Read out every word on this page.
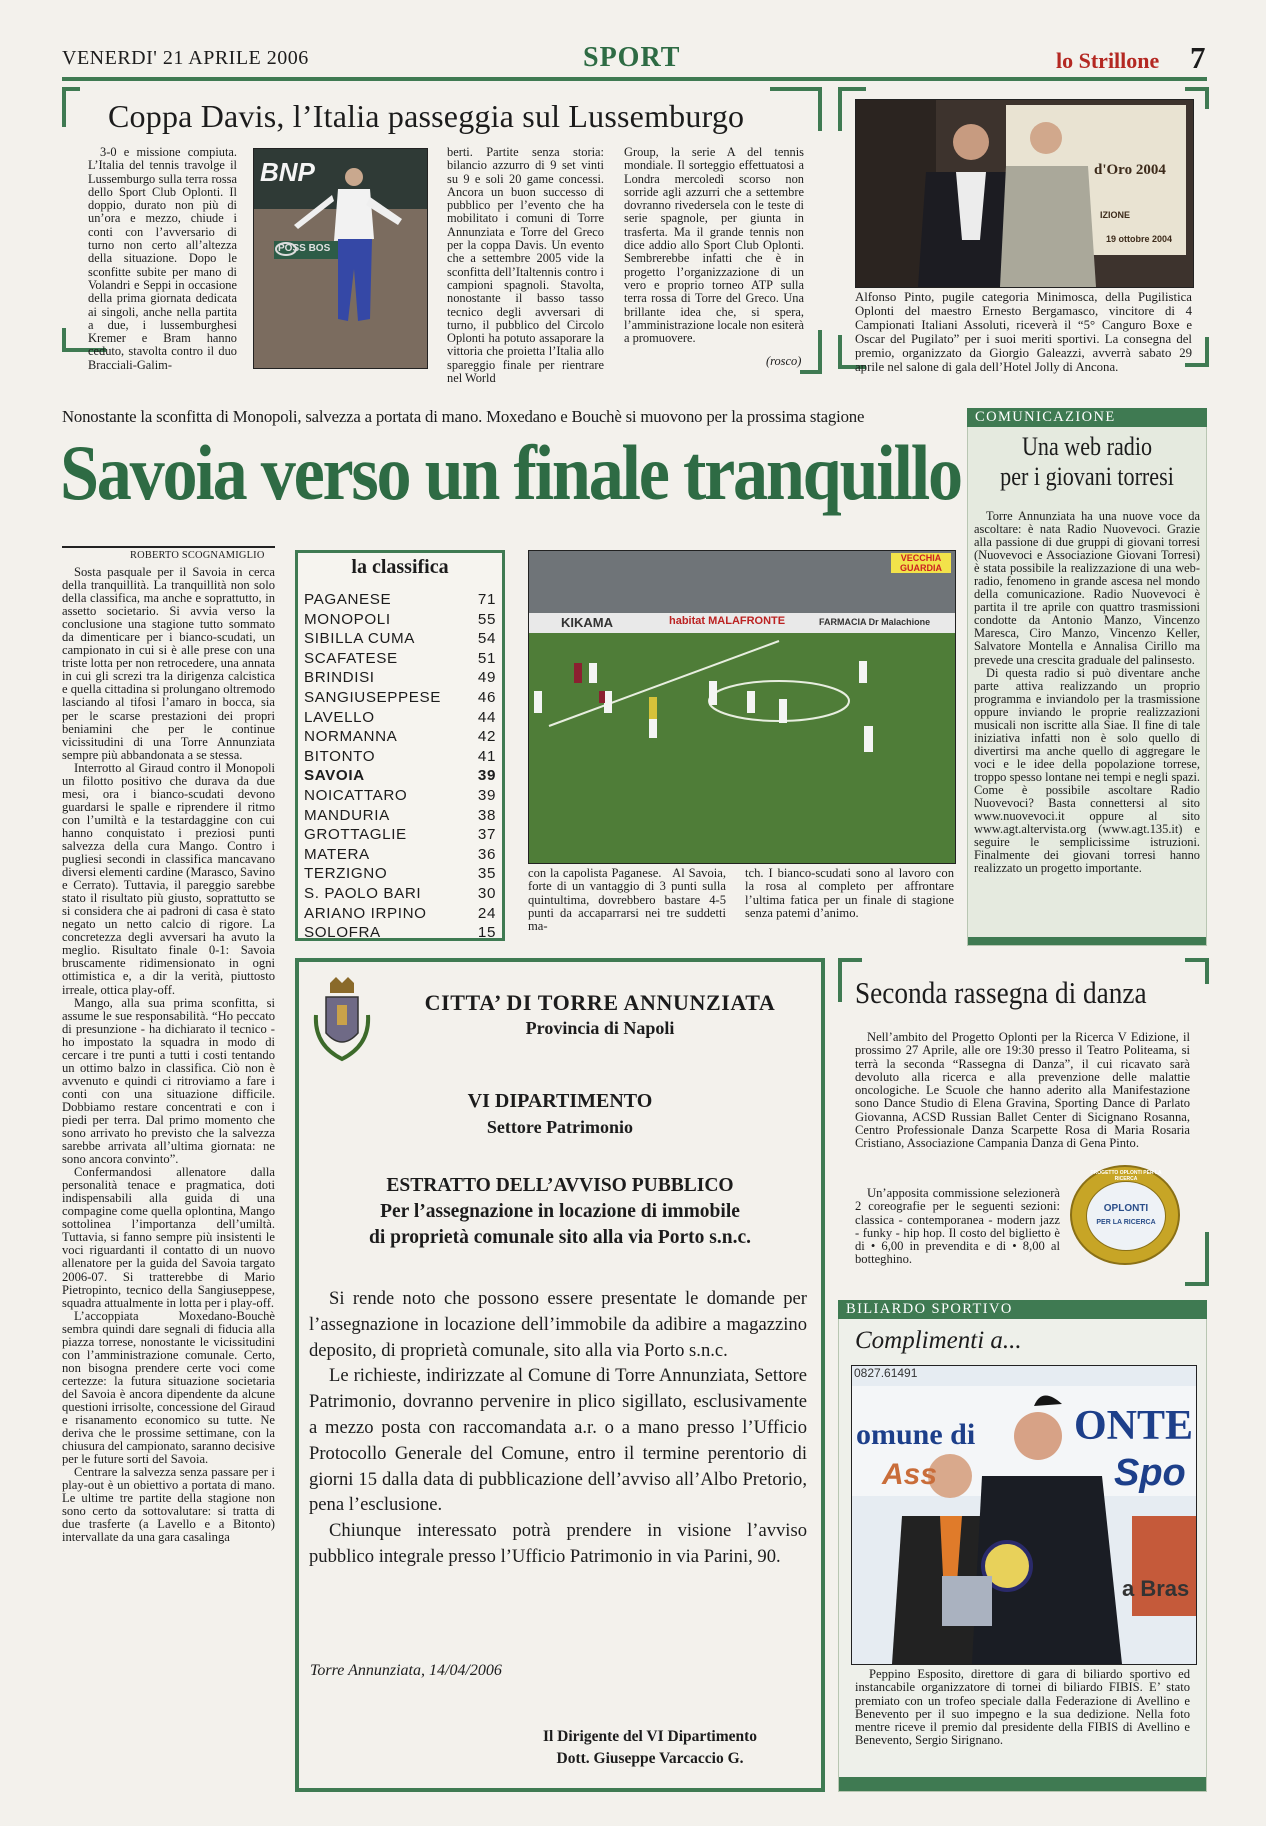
VENERDI' 21 APRILE 2006	SPORT	lo Strillone 7
Coppa Davis, l’Italia passeggia sul Lussemburgo

3-0 e missione compiuta. L’Italia del tennis travolge il Lussemburgo sulla terra rossa dello Sport Club Oplonti. Il doppio, durato non più di un’ora e mezzo, chiude i conti con l’avversario di turno non certo all’altezza della situazione. Dopo le sconfitte subite per mano di Volandri e Seppi in occasione della prima giornata dedicata ai singoli, anche nella partita a due, i lussemburghesi Kremer e Bram hanno ceduto, stavolta contro il duo Bracciali-Galim-

BNP
POSS BOS

berti. Partite senza storia: bilancio azzurro di 9 set vinti su 9 e soli 20 game concessi. Ancora un buon successo di pubblico per l’evento che ha mobilitato i comuni di Torre Annunziata e Torre del Greco per la coppa Davis. Un evento che a settembre 2005 vide la sconfitta dell’Italtennis contro i campioni spagnoli. Stavolta, nonostante il basso tasso tecnico degli avversari di turno, il pubblico del Circolo Oplonti ha potuto assaporare la vittoria che proietta l’Italia allo spareggio finale per rientrare nel World

Group, la serie A del tennis mondiale. Il sorteggio effettuatosi a Londra mercoledì scorso non sorride agli azzurri che a settembre dovranno rivedersela con le teste di serie spagnole, per giunta in trasferta. Ma il grande tennis non dice addio allo Sport Club Oplonti. Sembrerebbe infatti che è in progetto l’organizzazione di un vero e proprio torneo ATP sulla terra rossa di Torre del Greco. Una brillante idea che, si spera, l’amministrazione locale non esiterà a promuovere.

(rosco)
d'Oro 2004
IZIONE
19 ottobre 2004

Alfonso Pinto, pugile categoria Minimosca, della Pugilistica Oplonti del maestro Ernesto Bergamasco, vincitore di 4 Campionati Italiani Assoluti, riceverà il “5° Canguro Boxe e Oscar del Pugilato” per i suoi meriti sportivi. La consegna del premio, organizzato da Giorgio Galeazzi, avverrà sabato 29 aprile nel salone di gala dell’Hotel Jolly di Ancona.

Nonostante la sconfitta di Monopoli, salvezza a portata di mano. Moxedano e Bouchè si muovono per la prossima stagione
Savoia verso un finale tranquillo
ROBERTO SCOGNAMIGLIO

Sosta pasquale per il Savoia in cerca della tranquillità. La tranquillità non solo della classifica, ma anche e soprattutto, in assetto societario. Si avvia verso la conclusione una stagione tutto sommato da dimenticare per i bianco-scudati, un campionato in cui si è alle prese con una triste lotta per non retrocedere, una annata in cui gli screzi tra la dirigenza calcistica e quella cittadina si prolungano oltremodo lasciando al tifosi l’amaro in bocca, sia per le scarse prestazioni dei propri beniamini che per le continue vicissitudini di una Torre Annunziata sempre più abbandonata a se stessa.

Interrotto al Giraud contro il Monopoli un filotto positivo che durava da due mesi, ora i bianco-scudati devono guardarsi le spalle e riprendere il ritmo con l’umiltà e la testardaggine con cui hanno conquistato i preziosi punti salvezza della cura Mango. Contro i pugliesi secondi in classifica mancavano diversi elementi cardine (Marasco, Savino e Cerrato). Tuttavia, il pareggio sarebbe stato il risultato più giusto, soprattutto se si considera che ai padroni di casa è stato negato un netto calcio di rigore. La concretezza degli avversari ha avuto la meglio. Risultato finale 0-1: Savoia bruscamente ridimensionato in ogni ottimistica e, a dir la verità, piuttosto irreale, ottica play-off.

Mango, alla sua prima sconfitta, si assume le sue responsabilità. “Ho peccato di presunzione - ha dichiarato il tecnico - ho impostato la squadra in modo di cercare i tre punti a tutti i costi tentando un ottimo balzo in classifica. Ciò non è avvenuto e quindi ci ritroviamo a fare i conti con una situazione difficile. Dobbiamo restare concentrati e con i piedi per terra. Dal primo momento che sono arrivato ho previsto che la salvezza sarebbe arrivata all’ultima giornata: ne sono ancora convinto”.

Confermandosi allenatore dalla personalità tenace e pragmatica, doti indispensabili alla guida di una compagine come quella oplontina, Mango sottolinea l’importanza dell’umiltà. Tuttavia, si fanno sempre più insistenti le voci riguardanti il contatto di un nuovo allenatore per la guida del Savoia targato 2006-07. Si tratterebbe di Mario Pietropinto, tecnico della Sangiuseppese, squadra attualmente in lotta per i play-off.

L’accoppiata Moxedano-Bouchè sembra quindi dare segnali di fiducia alla piazza torrese, nonostante le vicissitudini con l’amministrazione comunale. Certo, non bisogna prendere certe voci come certezze: la futura situazione societaria del Savoia è ancora dipendente da alcune questioni irrisolte, concessione del Giraud e risanamento economico su tutte. Ne deriva che le prossime settimane, con la chiusura del campionato, saranno decisive per le future sorti del Savoia.

Centrare la salvezza senza passare per i play-out è un obiettivo a portata di mano. Le ultime tre partite della stagione non sono certo da sottovalutare: si tratta di due trasferte (a Lavello e a Bitonto) intervallate da una gara casalinga

la classifica
PAGANESE	71
MONOPOLI	55
SIBILLA CUMA	54
SCAFATESE	51
BRINDISI	49
SANGIUSEPPESE 46
LAVELLO	44
NORMANNA	42
BITONTO	41
SAVOIA	39
NOICATTARO	39
MANDURIA	38
GROTTAGLIE	37
MATERA	36
TERZIGNO	35
S. PAOLO BARI	30
ARIANO IRPINO	24
SOLOFRA	15
KIKAMA	habitat MALAFRONTE	FARMACIA Dr Malachione
VECCHIA GUARDIA

con la capolista Paganese.   Al Savoia, forte di un vantaggio di 3 punti sulla quintultima, dovrebbero bastare 4-5 punti da accaparrarsi nei tre suddetti ma-

tch. I bianco-scudati sono al lavoro con la rosa al completo per affrontare l’ultima fatica per un finale di stagione senza patemi d’animo.

COMUNICAZIONE
Una web radio
per i giovani torresi

Torre Annunziata ha una nuove voce da ascoltare: è nata Radio Nuovevoci. Grazie alla passione di due gruppi di giovani torresi (Nuovevoci e Associazione Giovani Torresi) è stata possibile la realizzazione di una web-radio, fenomeno in grande ascesa nel mondo della comunicazione. Radio Nuovevoci è partita il tre aprile con quattro trasmissioni condotte da Antonio Manzo, Vincenzo Maresca, Ciro Manzo, Vincenzo Keller, Salvatore Montella e Annalisa Cirillo ma prevede una crescita graduale del palinsesto.

Di questa radio si può diventare anche parte attiva realizzando un proprio programma e inviandolo per la trasmissione oppure inviando le proprie realizzazioni musicali non iscritte alla Siae. Il fine di tale iniziativa infatti non è solo quello di divertirsi ma anche quello di aggregare le voci e le idee della popolazione torrese, troppo spesso lontane nei tempi e negli spazi. Come è possibile ascoltare Radio Nuovevoci? Basta connettersi al sito www.nuovevoci.it oppure al sito www.agt.altervista.org (www.agt.135.it) e seguire le semplicissime istruzioni. Finalmente dei giovani torresi hanno realizzato un progetto importante.

CITTA’ DI TORRE ANNUNZIATA
Provincia di Napoli
VI DIPARTIMENTO
Settore Patrimonio
ESTRATTO DELL’AVVISO PUBBLICO
Per l’assegnazione in locazione di immobile
di proprietà comunale sito alla via Porto s.n.c.

Si rende noto che possono essere presentate le domande per l’assegnazione in locazione dell’immobile da adibire a magazzino deposito, di proprietà comunale, sito alla via Porto s.n.c.

Le richieste, indirizzate al Comune di Torre Annunziata, Settore Patrimonio, dovranno pervenire in plico sigillato, esclusivamente a mezzo posta con raccomandata a.r. o a mano presso l’Ufficio Protocollo Generale del Comune, entro il termine perentorio di giorni 15 dalla data di pubblicazione dell’avviso all’Albo Pretorio, pena l’esclusione.

Chiunque interessato potrà prendere in visione l’avviso pubblico integrale presso l’Ufficio Patrimonio in via Parini, 90.

Torre Annunziata, 14/04/2006
Il Dirigente del VI Dipartimento
Dott. Giuseppe Varcaccio G.
Seconda rassegna di danza

Nell’ambito del Progetto Oplonti per la Ricerca V Edizione, il prossimo 27 Aprile, alle ore 19:30 presso il Teatro Politeama, si terrà la seconda “Rassegna di Danza”, il cui ricavato sarà devoluto alla ricerca e alla prevenzione delle malattie oncologiche. Le Scuole che hanno aderito alla Manifestazione sono Dance Studio di Elena Gravina, Sporting Dance di Parlato Giovanna, ACSD Russian Ballet Center di Sicignano Rosanna, Centro Professionale Danza Scarpette Rosa di Maria Rosaria Cristiano, Associazione Campania Danza di Gena Pinto.

Un’apposita commissione selezionerà 2 coreografie per le seguenti sezioni: classica - contemporanea - modern jazz - funky - hip hop. Il costo del biglietto è di • 6,00 in prevendita e di • 8,00 al botteghino.

PROGETTO OPLONTI PER LA RICERCA
OPLONTI
PER LA RICERCA
BILIARDO SPORTIVO
Complimenti a...
0827.61491
omune di ONTE
Ass	Spo
a Bras

Peppino Esposito, direttore di gara di biliardo sportivo ed instancabile organizzatore di tornei di biliardo FIBIS. E’ stato premiato con un trofeo speciale dalla Federazione di Avellino e Benevento per il suo impegno e la sua dedizione. Nella foto mentre riceve il premio dal presidente della FIBIS di Avellino e Benevento, Sergio Sirignano.
